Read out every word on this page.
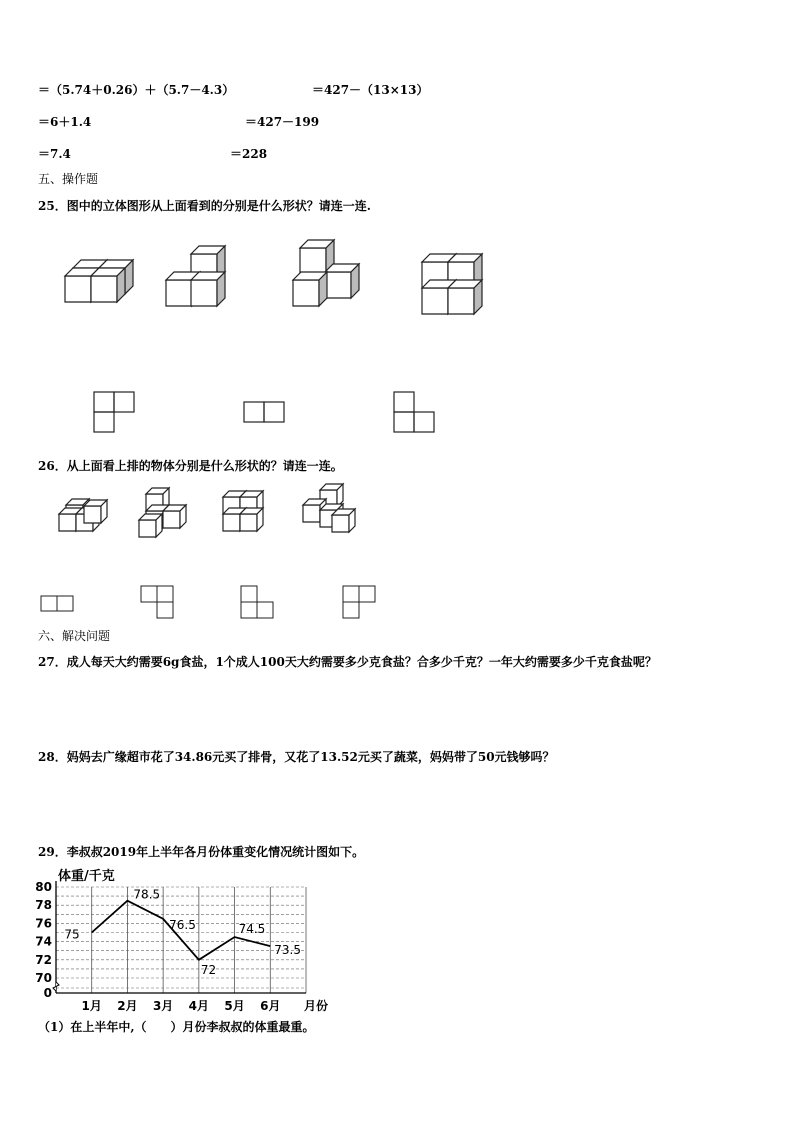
＝（5.74＋0.26）＋（5.7－4.3）	＝427－（13×13）
＝6＋1.4	＝427－199
＝7.4	＝228
五、操作题
25．图中的立体图形从上面看到的分别是什么形状？请连一连.
26．从上面看上排的物体分别是什么形状的？请连一连。
六、解决问题
27．成人每天大约需要6g食盐，1个成人100天大约需要多少克食盐？合多少千克？一年大约需要多少千克食盐呢？
28．妈妈去广缘超市花了34.86元买了排骨，又花了13.52元买了蔬菜，妈妈带了50元钱够吗？
29．李叔叔2019年上半年各月份体重变化情况统计图如下。
70
72
74
76
78
80
0
体重/千克
1月 2月 3月 4月 5月 6月 月份
75
78.5
76.5
72
74.5
73.5
（1）在上半年中,（　　）月份李叔叔的体重最重。
